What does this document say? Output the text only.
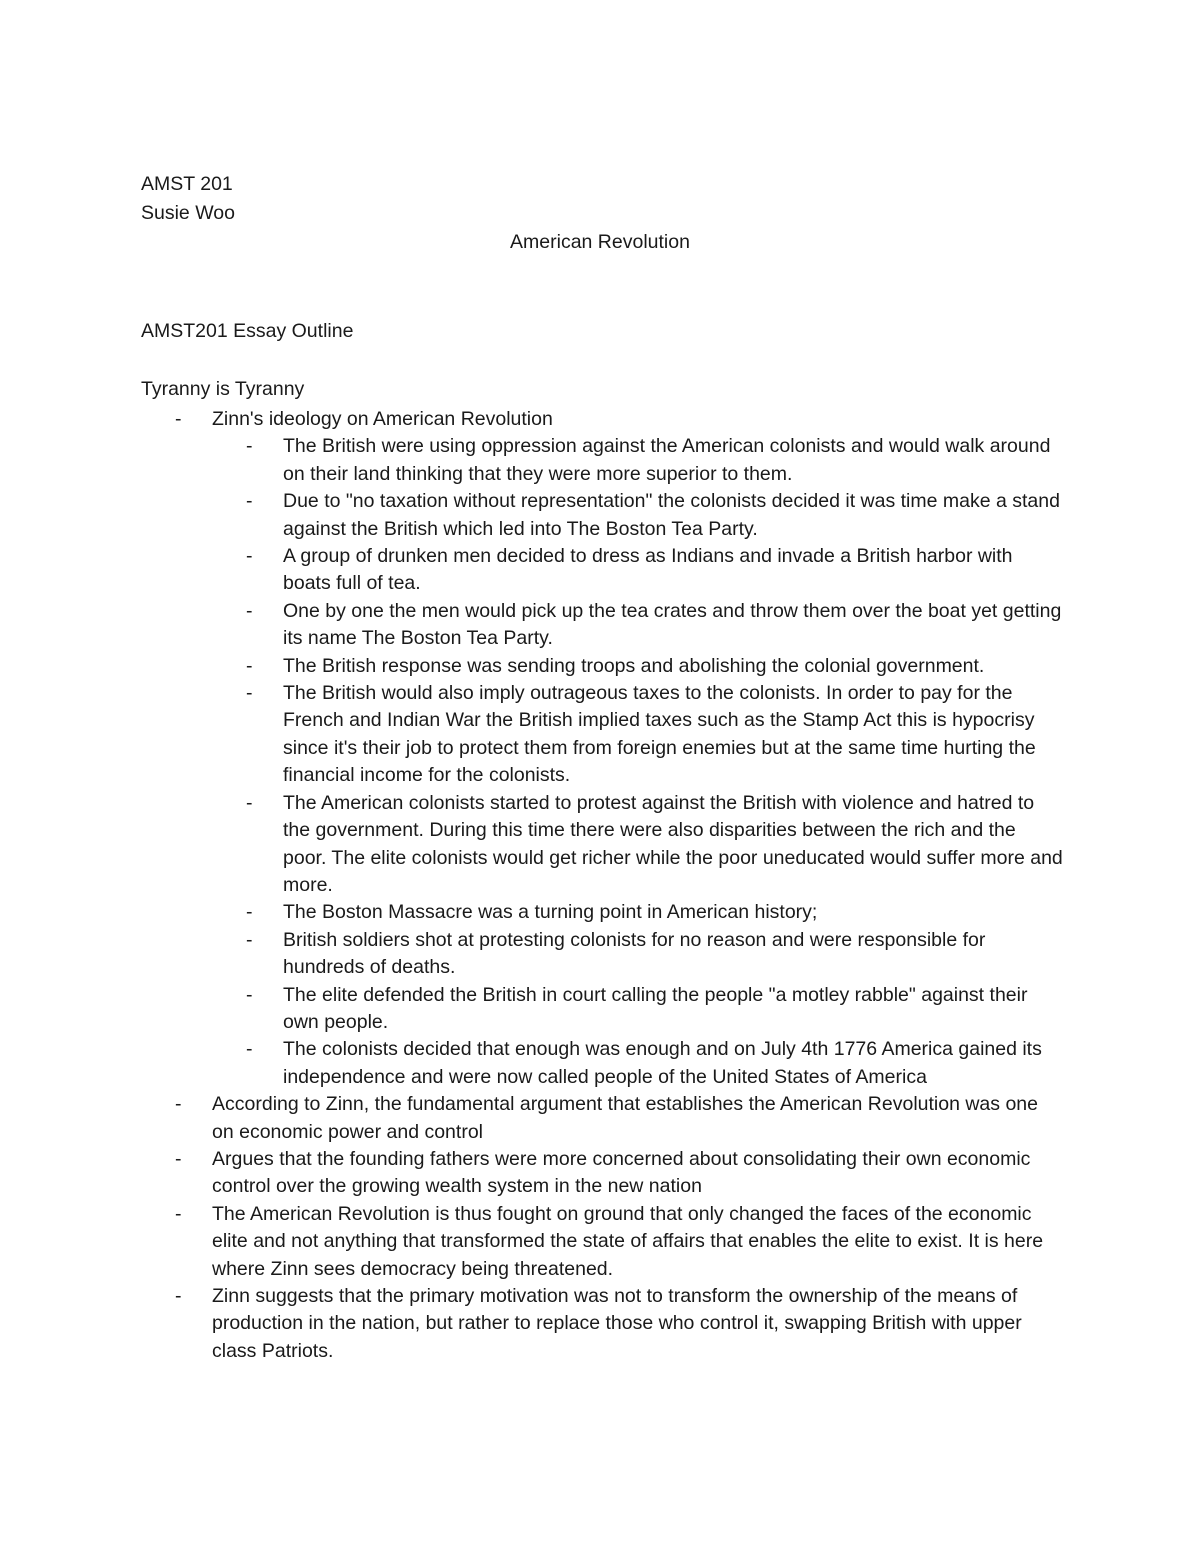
AMST 201
Susie Woo
American Revolution
AMST201 Essay Outline
Tyranny is Tyranny
- Zinn's ideology on American Revolution
- The British were using oppression against the American colonists and would walk around on their land thinking that they were more superior to them.
- Due to "no taxation without representation" the colonists decided it was time make a stand against the British which led into The Boston Tea Party.
- A group of drunken men decided to dress as Indians and invade a British harbor with boats full of tea.
- One by one the men would pick up the tea crates and throw them over the boat yet getting its name The Boston Tea Party.
- The British response was sending troops and abolishing the colonial government.
- The British would also imply outrageous taxes to the colonists. In order to pay for the French and Indian War the British implied taxes such as the Stamp Act this is hypocrisy since it's their job to protect them from foreign enemies but at the same time hurting the financial income for the colonists.
- The American colonists started to protest against the British with violence and hatred to the government. During this time there were also disparities between the rich and the poor. The elite colonists would get richer while the poor uneducated would suffer more and more.
- The Boston Massacre was a turning point in American history;
- British soldiers shot at protesting colonists for no reason and were responsible for hundreds of deaths.
- The elite defended the British in court calling the people "a motley rabble" against their own people.
- The colonists decided that enough was enough and on July 4th 1776 America gained its independence and were now called people of the United States of America
- According to Zinn, the fundamental argument that establishes the American Revolution was one on economic power and control
- Argues that the founding fathers were more concerned about consolidating their own economic control over the growing wealth system in the new nation
- The American Revolution is thus fought on ground that only changed the faces of the economic elite and not anything that transformed the state of affairs that enables the elite to exist. It is here where Zinn sees democracy being threatened.
- Zinn suggests that the primary motivation was not to transform the ownership of the means of production in the nation, but rather to replace those who control it, swapping British with upper class Patriots.
